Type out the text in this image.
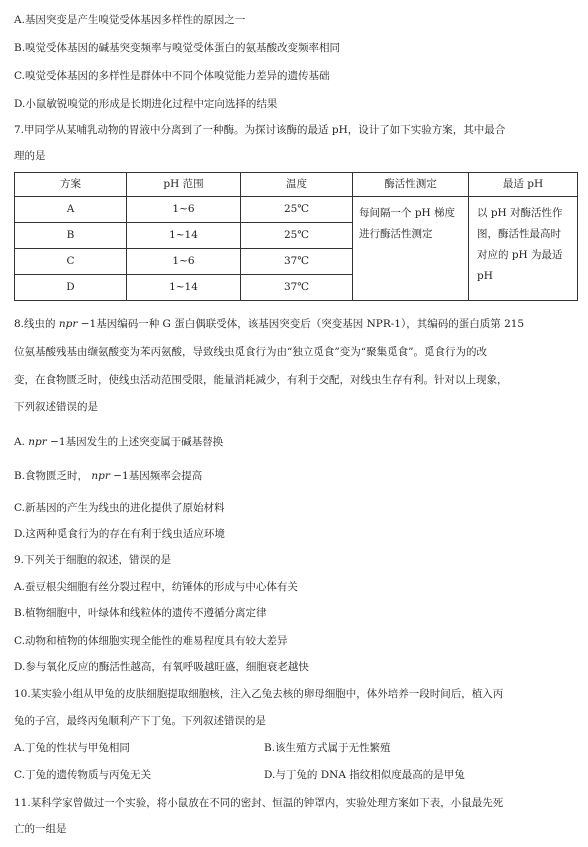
A.基因突变是产生嗅觉受体基因多样性的原因之一
B.嗅觉受体基因的碱基突变频率与嗅觉受体蛋白的氨基酸改变频率相同
C.嗅觉受体基因的多样性是群体中不同个体嗅觉能力差异的遗传基础
D.小鼠敏锐嗅觉的形成是长期进化过程中定向选择的结果
7.甲同学从某哺乳动物的胃液中分离到了一种酶。为探讨该酶的最适 pH，设计了如下实验方案，其中最合
理的是
方案	pH 范围	温度	酶活性测定	最适 pH
A	1~6	25℃	每间隔一个 pH 梯度进行酶活性测定	以 pH 对酶活性作图，酶活性最高时对应的 pH 为最适 pH
B	1~14	25℃		
C	1~6	37℃		
D	1~14	37℃		
8.线虫的 npr −1基因编码一种 G 蛋白偶联受体，该基因突变后（突变基因 NPR-1），其编码的蛋白质第 215
位氨基酸残基由缬氨酸变为苯丙氨酸，导致线虫觅食行为由“独立觅食”变为“聚集觅食”。觅食行为的改
变，在食物匮乏时，使线虫活动范围受限，能量消耗减少，有利于交配，对线虫生存有利。针对以上现象，
下列叙述错误的是
A. npr −1基因发生的上述突变属于碱基替换
B.食物匮乏时， npr −1基因频率会提高
C.新基因的产生为线虫的进化提供了原始材料
D.这两种觅食行为的存在有利于线虫适应环境
9.下列关于细胞的叙述，错误的是
A.蚕豆根尖细胞有丝分裂过程中，纺锤体的形成与中心体有关
B.植物细胞中，叶绿体和线粒体的遗传不遵循分离定律
C.动物和植物的体细胞实现全能性的难易程度具有较大差异
D.参与氧化反应的酶活性越高，有氧呼吸越旺盛，细胞衰老越快
10.某实验小组从甲兔的皮肤细胞提取细胞核，注入乙兔去核的卵母细胞中，体外培养一段时间后，植入丙
兔的子宫，最终丙兔顺利产下丁兔。下列叙述错误的是
A.丁兔的性状与甲兔相同	B.该生殖方式属于无性繁殖
C.丁兔的遗传物质与丙兔无关	D.与丁兔的 DNA 指纹相似度最高的是甲兔
11.某科学家曾做过一个实验，将小鼠放在不同的密封、恒温的钟罩内，实验处理方案如下表，小鼠最先死
亡的一组是
